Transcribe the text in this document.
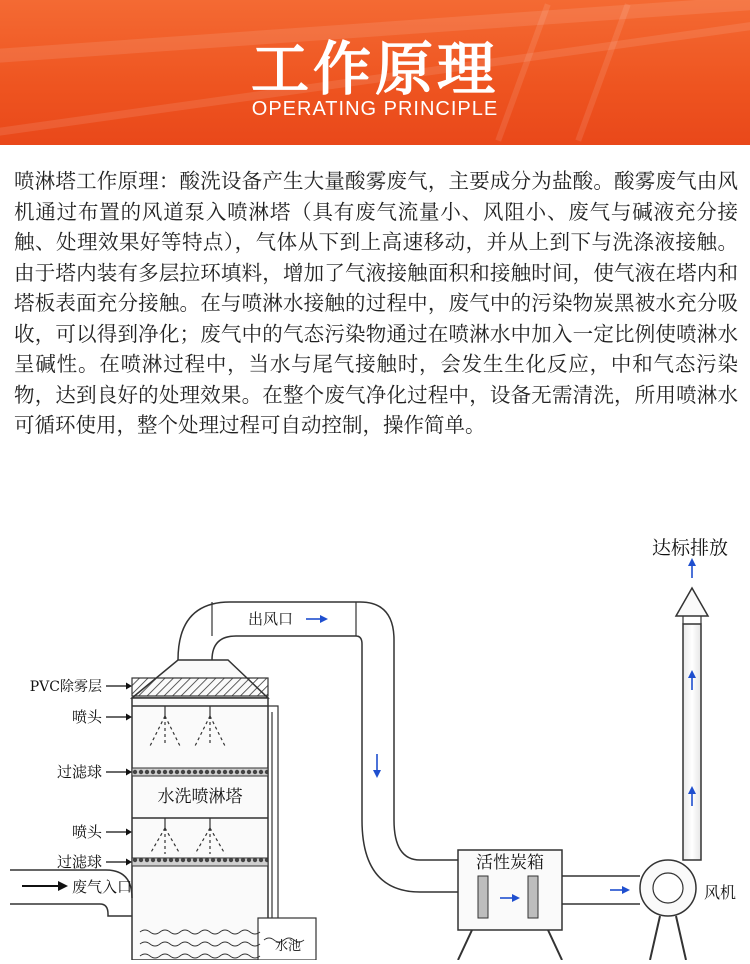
工作原理
OPERATING PRINCIPLE
喷淋塔工作原理：酸洗设备产生大量酸雾废气，主要成分为盐酸。酸雾废气由风机通过布置的风道泵入喷淋塔（具有废气流量小、风阻小、废气与碱液充分接触、处理效果好等特点），气体从下到上高速移动，并从上到下与洗涤液接触。由于塔内装有多层拉环填料，增加了气液接触面积和接触时间，使气液在塔内和塔板表面充分接触。在与喷淋水接触的过程中，废气中的污染物炭黑被水充分吸收，可以得到净化；废气中的气态污染物通过在喷淋水中加入一定比例使喷淋水呈碱性。在喷淋过程中，当水与尾气接触时，会发生生化反应，中和气态污染物，达到良好的处理效果。在整个废气净化过程中，设备无需清洗，所用喷淋水可循环使用，整个处理过程可自动控制，操作简单。
PVC除雾层
喷头
过滤球
水洗喷淋塔
喷头
过滤球
废气入口
出风口
活性炭箱
风机
达标排放
水池
